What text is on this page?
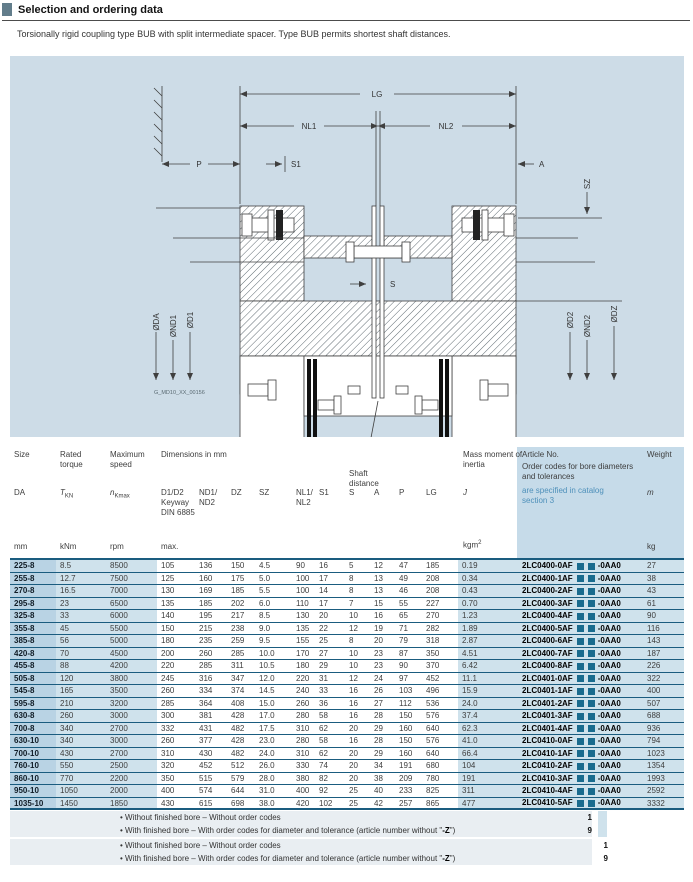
Selection and ordering data
Torsionally rigid coupling type BUB with split intermediate spacer. Type BUB permits shortest shaft distances.
LG
NL1	NL2
P	S1	A
SZ
S
ØDA ØND1 ØD1	ØD2 ØND2
ØDZ
G_MD10_XX_00156
Size	Rated torque
Maximum speed
Dimensions in mm
Shaft distance
Mass moment of inertia
Article No.
Order codes for bore diameters and tolerances
are specified in catalog section 3
Weight
DA	$T_{KN}$	$n_{Kmax}$	D1/D2 Keyway DIN 6885
ND1/
ND2
DZ SZ	NL1/
NL2
S1	S A P	LG	J	m
mm	kNm	rpm	max.	kgm$^2$	kg
225-8	8.5	8500	105	136	150	4.5	90	16	5	12	47	185	0.19	2LC0400-0AF	-0AA0	27
255-8	12.7	7500	125	160	175	5.0	100	17	8	13	49	208	0.34	2LC0400-1AF	-0AA0	38
270-8	16.5	7000	130	169	185	5.5	100	14	8	13	46	208	0.43	2LC0400-2AF	-0AA0	43
295-8	23	6500	135	185	202	6.0	110	17	7	15	55	227	0.70	2LC0400-3AF	-0AA0	61
325-8	33	6000	140	195	217	8.5	130	20	10	16	65	270	1.23	2LC0400-4AF	-0AA0	90
355-8	45	5500	150	215	238	9.0	135	22	12	19	71	282	1.89	2LC0400-5AF	-0AA0	116
385-8	56	5000	180	235	259	9.5	155	25	8	20	79	318	2.87	2LC0400-6AF	-0AA0	143
420-8	70	4500	200	260	285	10.0	170	27	10	23	87	350	4.51	2LC0400-7AF	-0AA0	187
455-8	88	4200	220	285	311	10.5	180	29	10	23	90	370	6.42	2LC0400-8AF	-0AA0	226
505-8	120	3800	245	316	347	12.0	220	31	12	24	97	452	11.1	2LC0401-0AF	-0AA0	322
545-8	165	3500	260	334	374	14.5	240	33	16	26	103	496	15.9	2LC0401-1AF	-0AA0	400
595-8	210	3200	285	364	408	15.0	260	36	16	27	112	536	24.0	2LC0401-2AF	-0AA0	507
630-8	260	3000	300	381	428	17.0	280	58	16	28	150	576	37.4	2LC0401-3AF	-0AA0	688
700-8	340	2700	332	431	482	17.5	310	62	20	29	160	640	62.3	2LC0401-4AF	-0AA0	936
630-10	340	3000	260	377	428	23.0	280	58	16	28	150	576	41.0	2LC0410-0AF	-0AA0	794
700-10	430	2700	310	430	482	24.0	310	62	20	29	160	640	66.4	2LC0410-1AF	-0AA0	1023
760-10	550	2500	320	452	512	26.0	330	74	20	34	191	680	104	2LC0410-2AF	-0AA0	1354
860-10	770	2200	350	515	579	28.0	380	82	20	38	209	780	191	2LC0410-3AF	-0AA0	1993
950-10	1050	2000	400	574	644	31.0	400	92	25	40	233	825	311	2LC0410-4AF	-0AA0	2592
1035-10	1450	1850	430	615	698	38.0	420	102	25	42	257	865	477	2LC0410-5AF	-0AA0	3332
• Without finished bore – Without order codes	1
• With finished bore – With order codes for diameter and tolerance (article number without "-Z")	9
• Without finished bore – Without order codes	1
• With finished bore – With order codes for diameter and tolerance (article number without "-Z")	9
